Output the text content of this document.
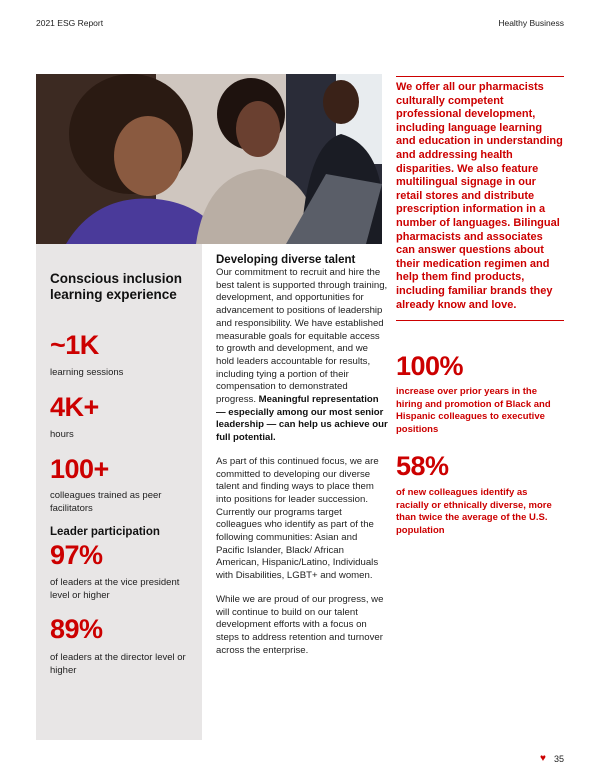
2021 ESG Report	Healthy Business
Conscious inclusion learning experience
~1K
learning sessions
4K+
hours
100+
colleagues trained as peer facilitators
Leader participation
97%
of leaders at the vice president level or higher
89%
of leaders at the director level or higher
Developing diverse talent

Our commitment to recruit and hire the best talent is supported through training, development, and opportunities for advancement to positions of leadership and responsibility. We have established measurable goals for equitable access to growth and development, and we hold leaders accountable for results, including tying a portion of their compensation to demonstrated progress. Meaningful representation — especially among our most senior leadership — can help us achieve our full potential.

As part of this continued focus, we are committed to developing our diverse talent and finding ways to place them into positions for leader succession. Currently our programs target colleagues who identify as part of the following communities: Asian and Pacific Islander, Black/ African American, Hispanic/Latino, Individuals with Disabilities, LGBT+ and women.

While we are proud of our progress, we will continue to build on our talent development efforts with a focus on steps to address retention and turnover across the enterprise.

We offer all our pharmacists culturally competent professional development, including language learning and education in understanding and addressing health disparities. We also feature multilingual signage in our retail stores and distribute prescription information in a number of languages. Bilingual pharmacists and associates can answer questions about their medication regimen and help them find products, including familiar brands they already know and love.
100%
increase over prior years in the hiring and promotion of Black and Hispanic colleagues to executive positions
58%
of new colleagues identify as racially or ethnically diverse, more than twice the average of the U.S. population
♥ 35
